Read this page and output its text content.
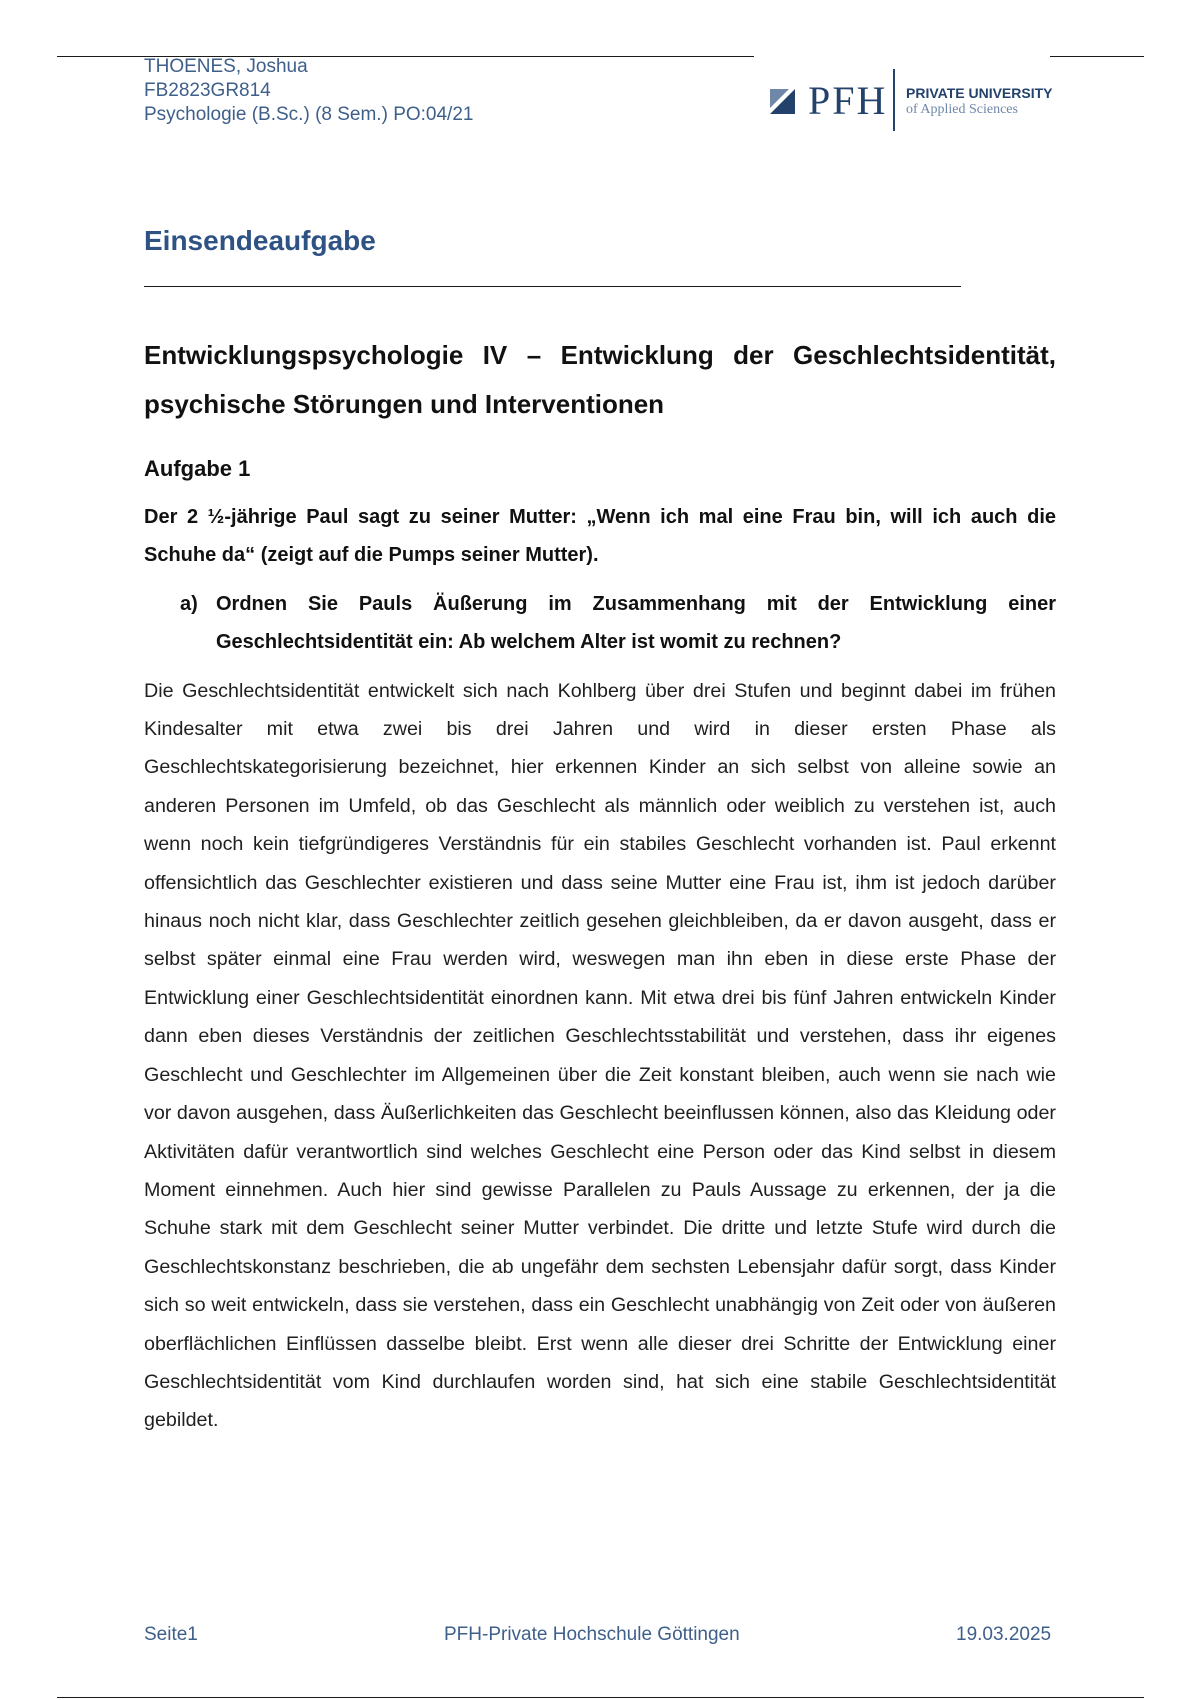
THOENES, Joshua
FB2823GR814
Psychologie (B.Sc.) (8 Sem.) PO:04/21	PFH PRIVATE UNIVERSITY
of Applied Sciences
Einsendeaufgabe
Entwicklungspsychologie IV – Entwicklung der Geschlechtsidentität, psychische Störungen und Interventionen
Aufgabe 1

Der 2 ½-jährige Paul sagt zu seiner Mutter: „Wenn ich mal eine Frau bin, will ich auch die Schuhe da“ (zeigt auf die Pumps seiner Mutter).

a) Ordnen Sie Pauls Äußerung im Zusammenhang mit der Entwicklung einer Geschlechtsidentität ein: Ab welchem Alter ist womit zu rechnen?

Die Geschlechtsidentität entwickelt sich nach Kohlberg über drei Stufen und beginnt dabei im frühen Kindesalter mit etwa zwei bis drei Jahren und wird in dieser ersten Phase als Geschlechtskategorisierung bezeichnet, hier erkennen Kinder an sich selbst von alleine sowie an anderen Personen im Umfeld, ob das Geschlecht als männlich oder weiblich zu verstehen ist, auch wenn noch kein tiefgründigeres Verständnis für ein stabiles Geschlecht vorhanden ist. Paul erkennt offensichtlich das Geschlechter existieren und dass seine Mutter eine Frau ist, ihm ist jedoch darüber hinaus noch nicht klar, dass Geschlechter zeitlich gesehen gleichbleiben, da er davon ausgeht, dass er selbst später einmal eine Frau werden wird, weswegen man ihn eben in diese erste Phase der Entwicklung einer Geschlechtsidentität einordnen kann. Mit etwa drei bis fünf Jahren entwickeln Kinder dann eben dieses Verständnis der zeitlichen Geschlechtsstabilität und verstehen, dass ihr eigenes Geschlecht und Geschlechter im Allgemeinen über die Zeit konstant bleiben, auch wenn sie nach wie vor davon ausgehen, dass Äußerlichkeiten das Geschlecht beeinflussen können, also das Kleidung oder Aktivitäten dafür verantwortlich sind welches Geschlecht eine Person oder das Kind selbst in diesem Moment einnehmen. Auch hier sind gewisse Parallelen zu Pauls Aussage zu erkennen, der ja die Schuhe stark mit dem Geschlecht seiner Mutter verbindet. Die dritte und letzte Stufe wird durch die Geschlechtskonstanz beschrieben, die ab ungefähr dem sechsten Lebensjahr dafür sorgt, dass Kinder sich so weit entwickeln, dass sie verstehen, dass ein Geschlecht unabhängig von Zeit oder von äußeren oberflächlichen Einflüssen dasselbe bleibt. Erst wenn alle dieser drei Schritte der Entwicklung einer Geschlechtsidentität vom Kind durchlaufen worden sind, hat sich eine stabile Geschlechtsidentität gebildet.

Seite1	PFH-Private Hochschule Göttingen	19.03.2025
